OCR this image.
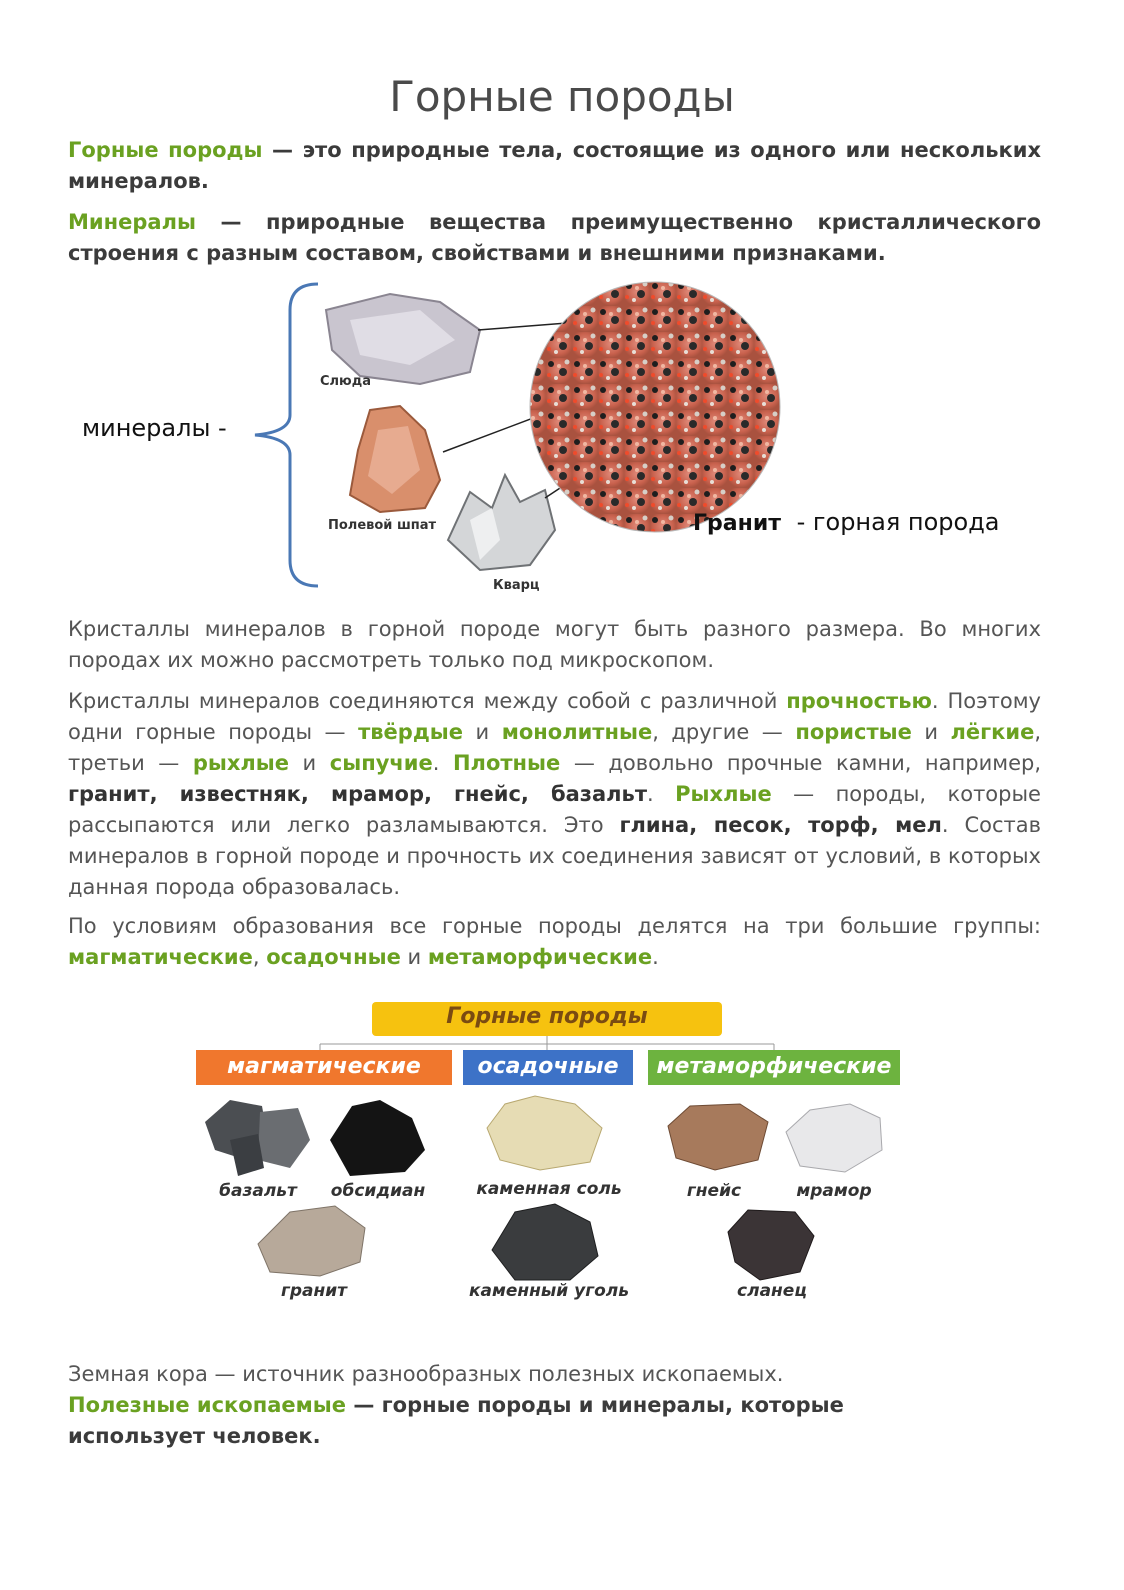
Горные породы
Горные породы — это природные тела, состоящие из одного или нескольких минералов.
Минералы — природные вещества преимущественно кристаллического строения с разным составом, свойствами и внешними признаками.
минералы -
Слюда
Полевой шпат
Кварц
Гранит - горная порода
Кристаллы минералов в горной породе могут быть разного размера. Во многих породах их можно рассмотреть только под микроскопом.
Кристаллы минералов соединяются между собой с различной прочностью. Поэтому одни горные породы — твёрдые и монолитные, другие — пористые и лёгкие, третьи — рыхлые и сыпучие. Плотные — довольно прочные камни, например, гранит, известняк, мрамор, гнейс, базальт. Рыхлые — породы, которые рассыпаются или легко разламываются. Это глина, песок, торф, мел. Состав минералов в горной породе и прочность их соединения зависят от условий, в которых данная порода образовалась.
По условиям образования все горные породы делятся на три большие группы: магматические, осадочные и метаморфические.
Горные породы
магматические	осадочные	метаморфические
базальт	обсидиан
гранит
каменная соль
каменный уголь
гнейс	мрамор
сланец
Земная кора — источник разнообразных полезных ископаемых.
Полезные ископаемые — горные породы и минералы, которые использует человек.
